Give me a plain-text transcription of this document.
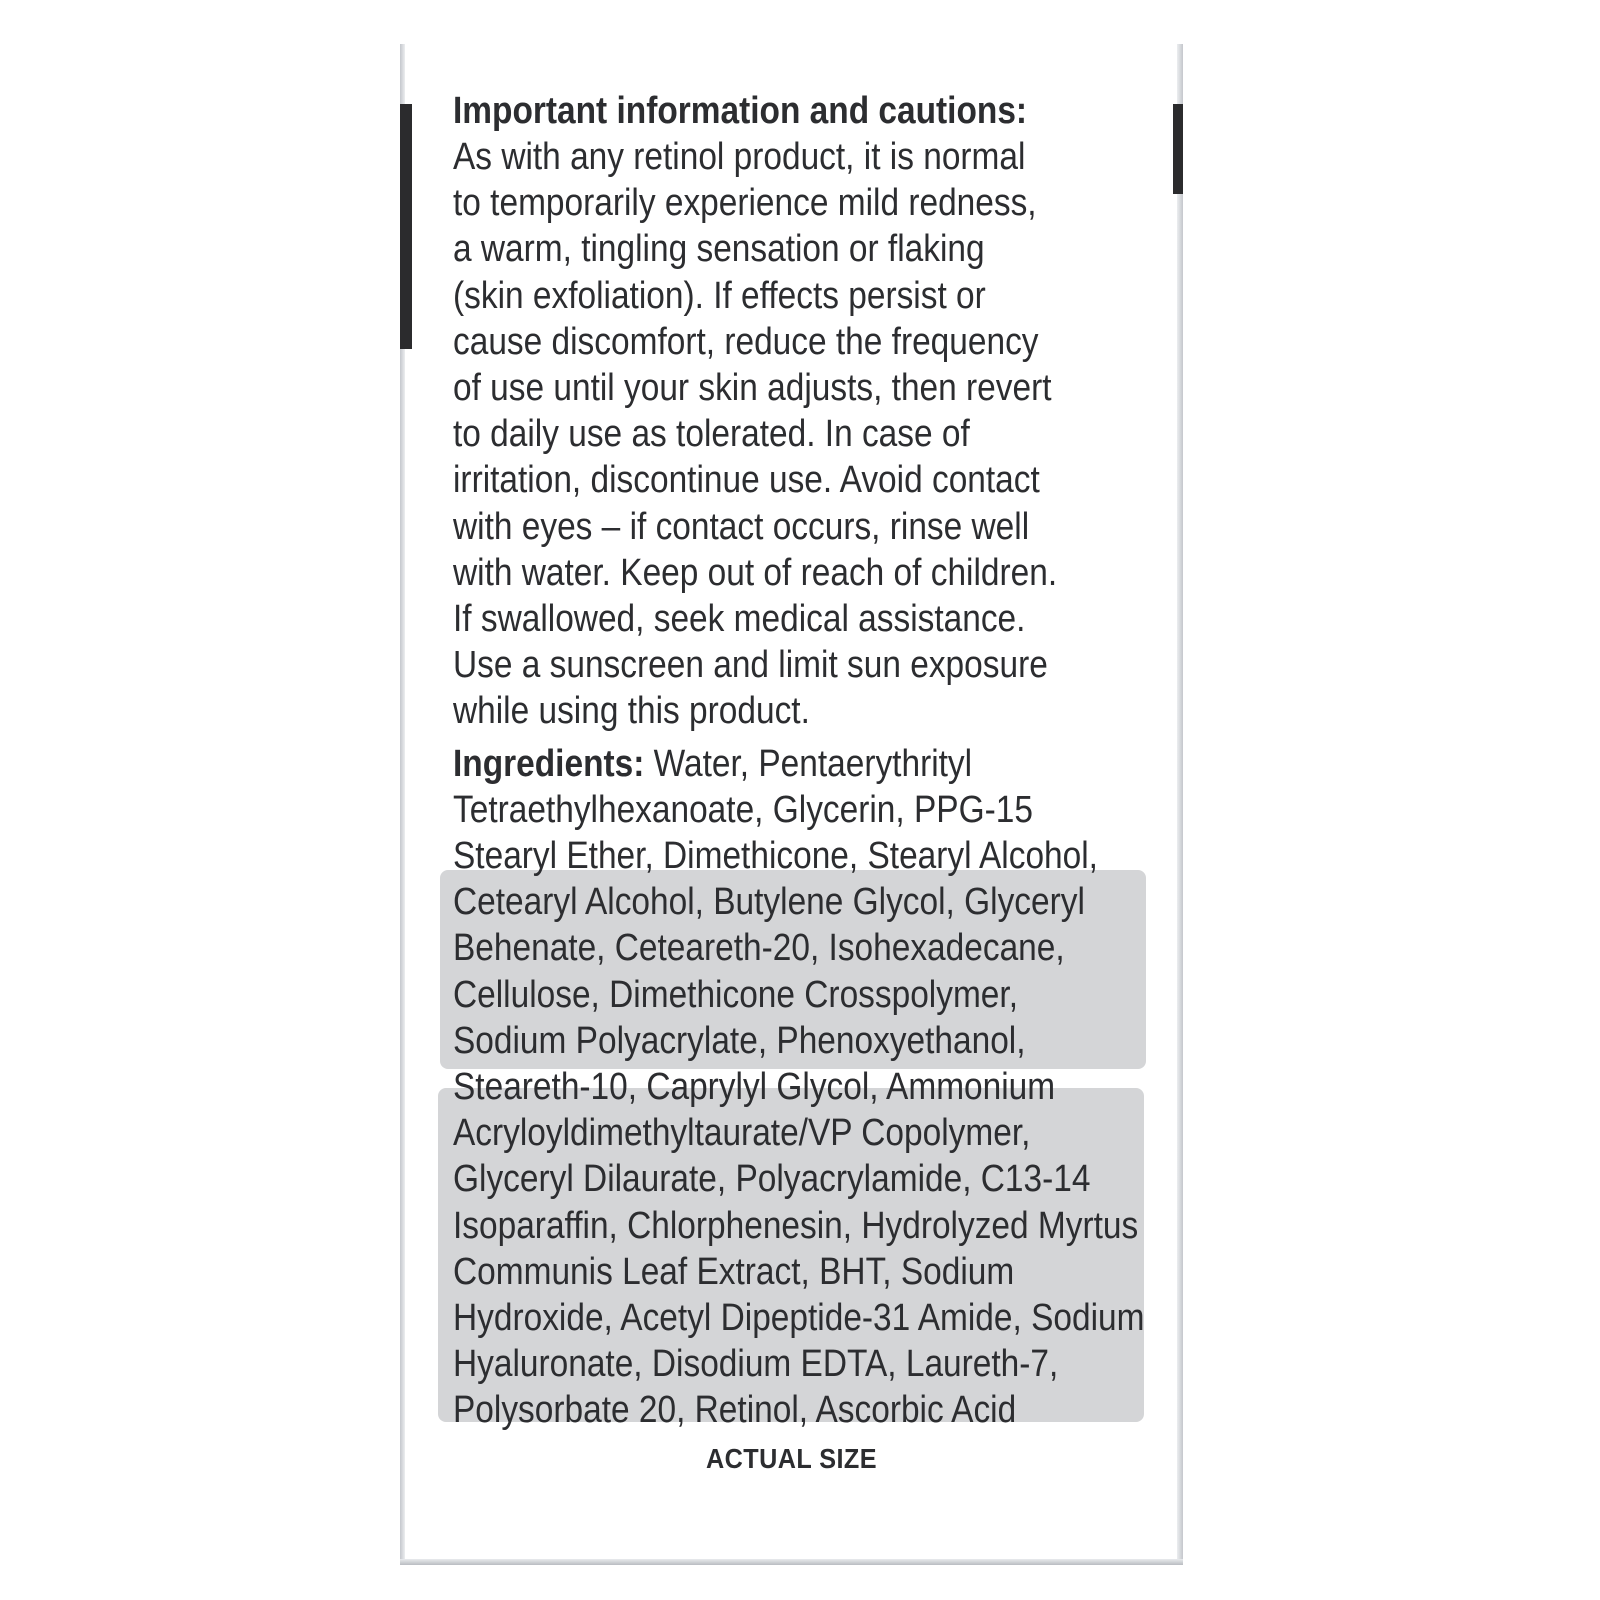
Important information and cautions:
As with any retinol product, it is normal
to temporarily experience mild redness,
a warm, tingling sensation or flaking
(skin exfoliation). If effects persist or
cause discomfort, reduce the frequency
of use until your skin adjusts, then revert
to daily use as tolerated. In case of
irritation, discontinue use. Avoid contact
with eyes – if contact occurs, rinse well
with water. Keep out of reach of children.
If swallowed, seek medical assistance.
Use a sunscreen and limit sun exposure
while using this product.
Ingredients: Water, Pentaerythrityl
Tetraethylhexanoate, Glycerin, PPG-15
Stearyl Ether, Dimethicone, Stearyl Alcohol,
Cetearyl Alcohol, Butylene Glycol, Glyceryl
Behenate, Ceteareth-20, Isohexadecane,
Cellulose, Dimethicone Crosspolymer,
Sodium Polyacrylate, Phenoxyethanol,
Steareth-10, Caprylyl Glycol, Ammonium
Acryloyldimethyltaurate/VP Copolymer,
Glyceryl Dilaurate, Polyacrylamide, C13-14
Isoparaffin, Chlorphenesin, Hydrolyzed Myrtus
Communis Leaf Extract, BHT, Sodium
Hydroxide, Acetyl Dipeptide-31 Amide, Sodium
Hyaluronate, Disodium EDTA, Laureth-7,
Polysorbate 20, Retinol, Ascorbic Acid
ACTUAL SIZE
